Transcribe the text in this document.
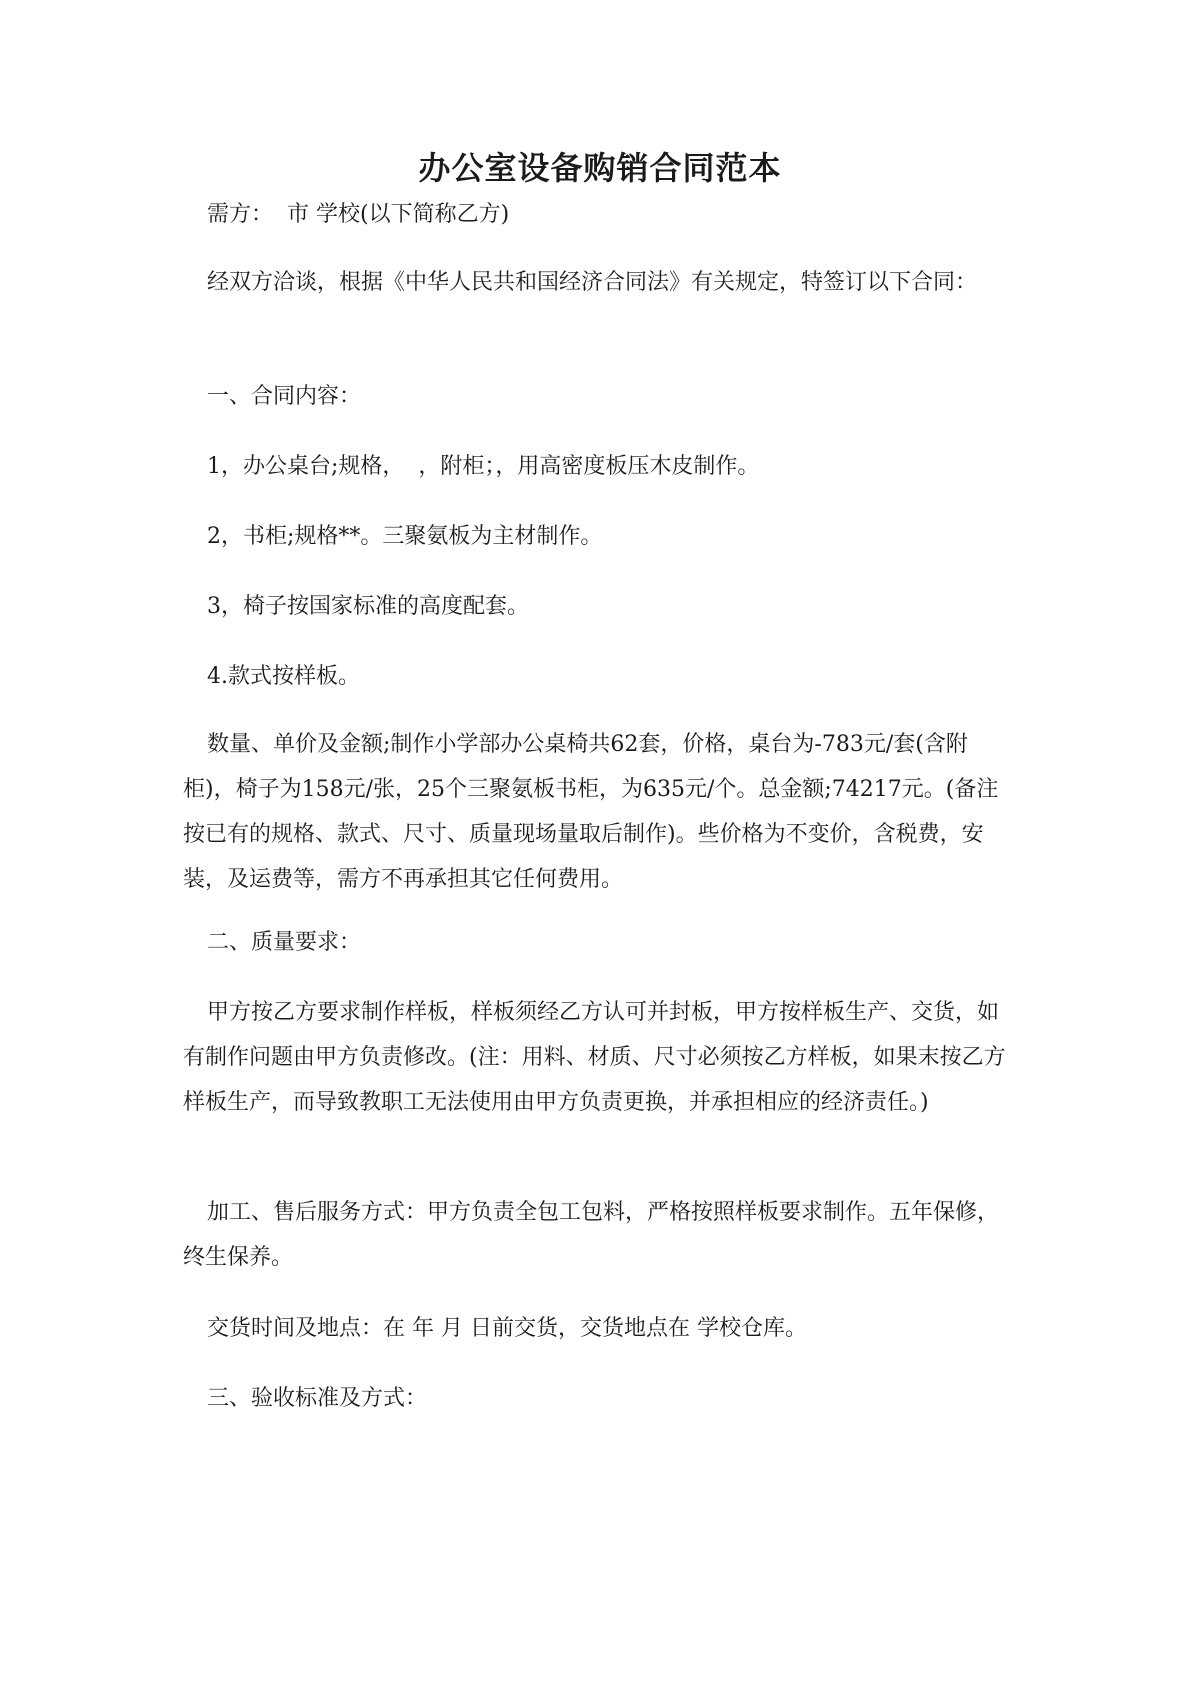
办公室设备购销合同范本
需方：  市 学校(以下简称乙方)
经双方洽谈，根据《中华人民共和国经济合同法》有关规定，特签订以下合同：
一、合同内容：
1，办公桌台;规格，  ，附柜；，用高密度板压木皮制作。
2，书柜;规格**。三聚氨板为主材制作。
3，椅子按国家标准的高度配套。
4.款式按样板。
数量、单价及金额;制作小学部办公桌椅共62套，价格，桌台为-783元/套(含附柜)，椅子为158元/张，25个三聚氨板书柜，为635元/个。总金额;74217元。(备注按已有的规格、款式、尺寸、质量现场量取后制作)。些价格为不变价，含税费，安装，及运费等，需方不再承担其它任何费用。
二、质量要求：
甲方按乙方要求制作样板，样板须经乙方认可并封板，甲方按样板生产、交货，如有制作问题由甲方负责修改。(注：用料、材质、尺寸必须按乙方样板，如果末按乙方样板生产，而导致教职工无法使用由甲方负责更换，并承担相应的经济责任。)
加工、售后服务方式：甲方负责全包工包料，严格按照样板要求制作。五年保修，终生保养。
交货时间及地点：在 年 月 日前交货，交货地点在 学校仓库。
三、验收标准及方式：
